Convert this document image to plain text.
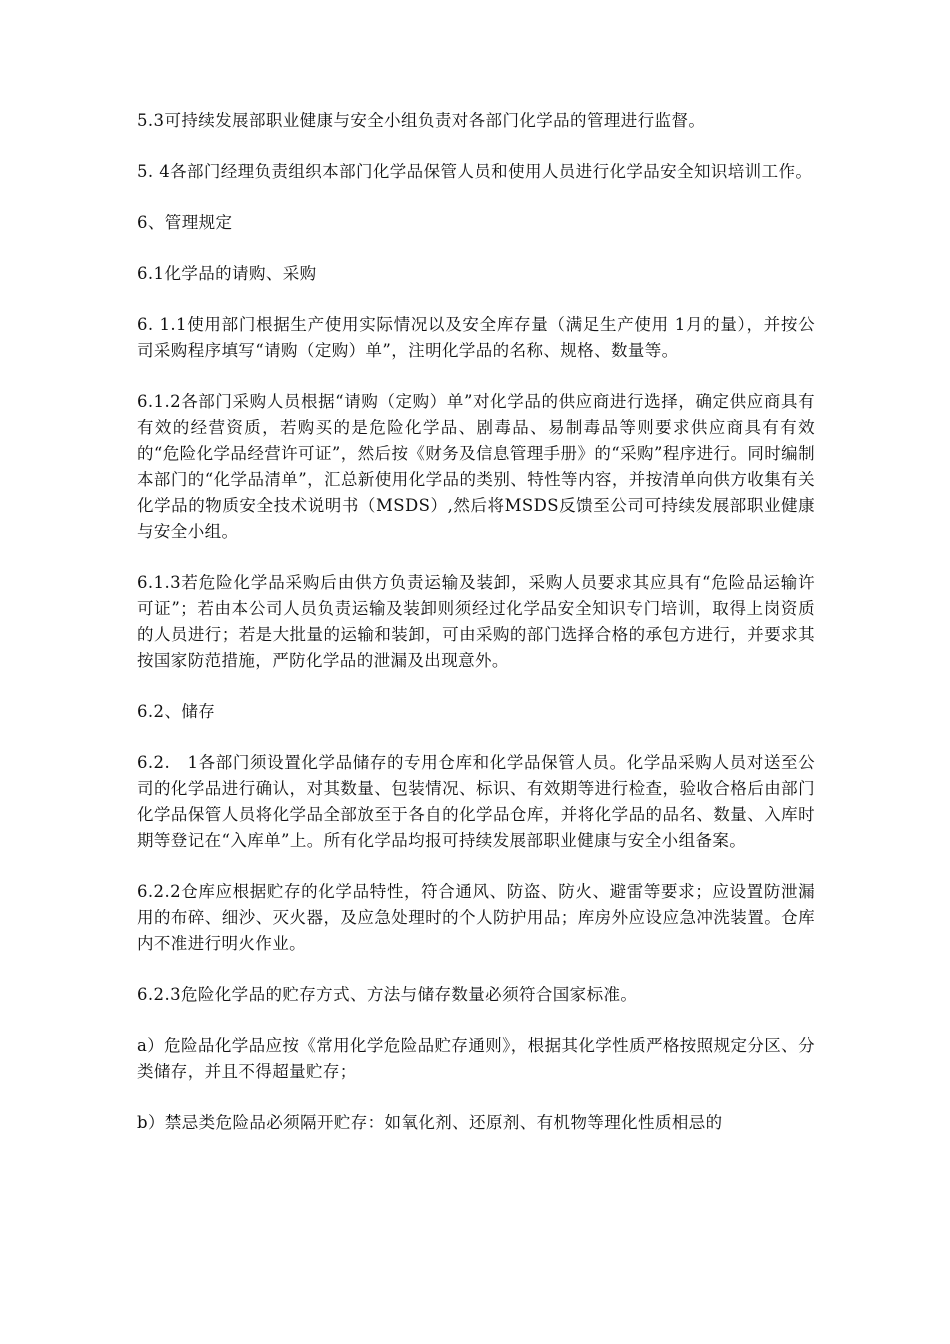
5.3可持续发展部职业健康与安全小组负责对各部门化学品的管理进行监督。

5. 4各部门经理负责组织本部门化学品保管人员和使用人员进行化学品安全知识培训工作。

6、管理规定

6.1化学品的请购、采购

6. 1.1使用部门根据生产使用实际情况以及安全库存量（满足生产使用 1月的量），并按公司采购程序填写“请购（定购）单”，注明化学品的名称、规格、数量等。

6.1.2各部门采购人员根据“请购（定购）单”对化学品的供应商进行选择，确定供应商具有有效的经营资质，若购买的是危险化学品、剧毒品、易制毒品等则要求供应商具有有效的“危险化学品经营许可证”，然后按《财务及信息管理手册》的“采购”程序进行。同时编制本部门的“化学品清单”，汇总新使用化学品的类别、特性等内容，并按清单向供方收集有关化学品的物质安全技术说明书（MSDS）,然后将MSDS反馈至公司可持续发展部职业健康与安全小组。

6.1.3若危险化学品采购后由供方负责运输及装卸，采购人员要求其应具有“危险品运输许可证”；若由本公司人员负责运输及装卸则须经过化学品安全知识专门培训，取得上岗资质的人员进行；若是大批量的运输和装卸，可由采购的部门选择合格的承包方进行，并要求其按国家防范措施，严防化学品的泄漏及出现意外。

6.2、储存

6.2.　1各部门须设置化学品储存的专用仓库和化学品保管人员。化学品采购人员对送至公司的化学品进行确认，对其数量、包装情况、标识、有效期等进行检查，验收合格后由部门化学品保管人员将化学品全部放至于各自的化学品仓库，并将化学品的品名、数量、入库时期等登记在“入库单”上。所有化学品均报可持续发展部职业健康与安全小组备案。

6.2.2仓库应根据贮存的化学品特性，符合通风、防盗、防火、避雷等要求；应设置防泄漏用的布碎、细沙、灭火器，及应急处理时的个人防护用品；库房外应设应急冲洗装置。仓库内不准进行明火作业。

6.2.3危险化学品的贮存方式、方法与储存数量必须符合国家标准。

a）危险品化学品应按《常用化学危险品贮存通则》，根据其化学性质严格按照规定分区、分类储存，并且不得超量贮存；

b）禁忌类危险品必须隔开贮存：如氧化剂、还原剂、有机物等理化性质相忌的
